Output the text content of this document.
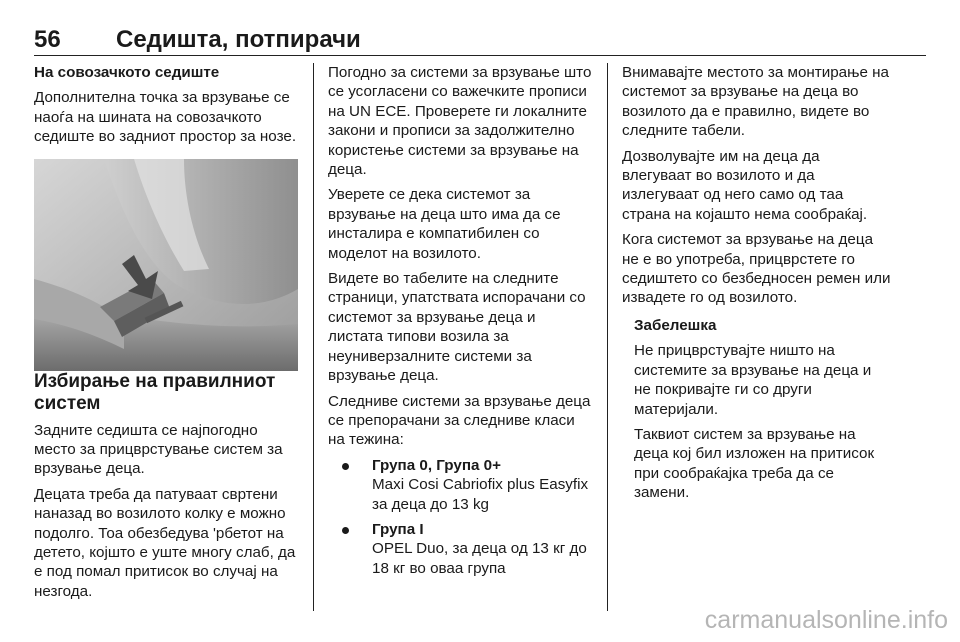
56 Седишта, потпирачи

На совозачкото седиште

Дополнителна точка за врзување се наоѓа на шината на совозачкото седиште во задниот простор за нозе.

Избирање на правилниот систем

Задните седишта се најпогодно место за прицврстување систем за врзување деца.

Децата треба да патуваат свртени наназад во возилото колку е можно подолго. Тоа обезбедува 'рбетот на детето, којшто е уште многу слаб, да е под помал притисок во случај на незгода.

Погодно за системи за врзување што се усогласени со важечките прописи на UN ECE. Проверете ги локалните закони и прописи за задолжително користење системи за врзување на деца.

Уверете се дека системот за врзување на деца што има да се инсталира е компатибилен со моделот на возилото.

Видете во табелите на следните страници, упатствата испорачани со системот за врзување деца и листата типови возила за неуниверзалните системи за врзување деца.

Следниве системи за врзување деца се препорачани за следниве класи на тежина:

Група 0, Група 0+
Maxi Cosi Cabriofix plus Easyfix за деца до 13 kg
Група I
OPEL Duo, за деца од 13 кг до 18 кг во оваа група

Внимавајте местото за монтирање на системот за врзување на деца во возилото да е правилно, видете во следните табели.

Дозволувајте им на деца да влегуваат во возилото и да излегуваат од него само од таа страна на којашто нема сообраќај.

Кога системот за врзување на деца не е во употреба, прицврстете го седиштето со безбедносен ремен или извадете го од возилото.

Забелешка

Не прицврстувајте ништо на системите за врзување на деца и не покривајте ги со други материјали.

Таквиот систем за врзување на деца кој бил изложен на притисок при сообраќајка треба да се замени.

carmanualsonline.info
